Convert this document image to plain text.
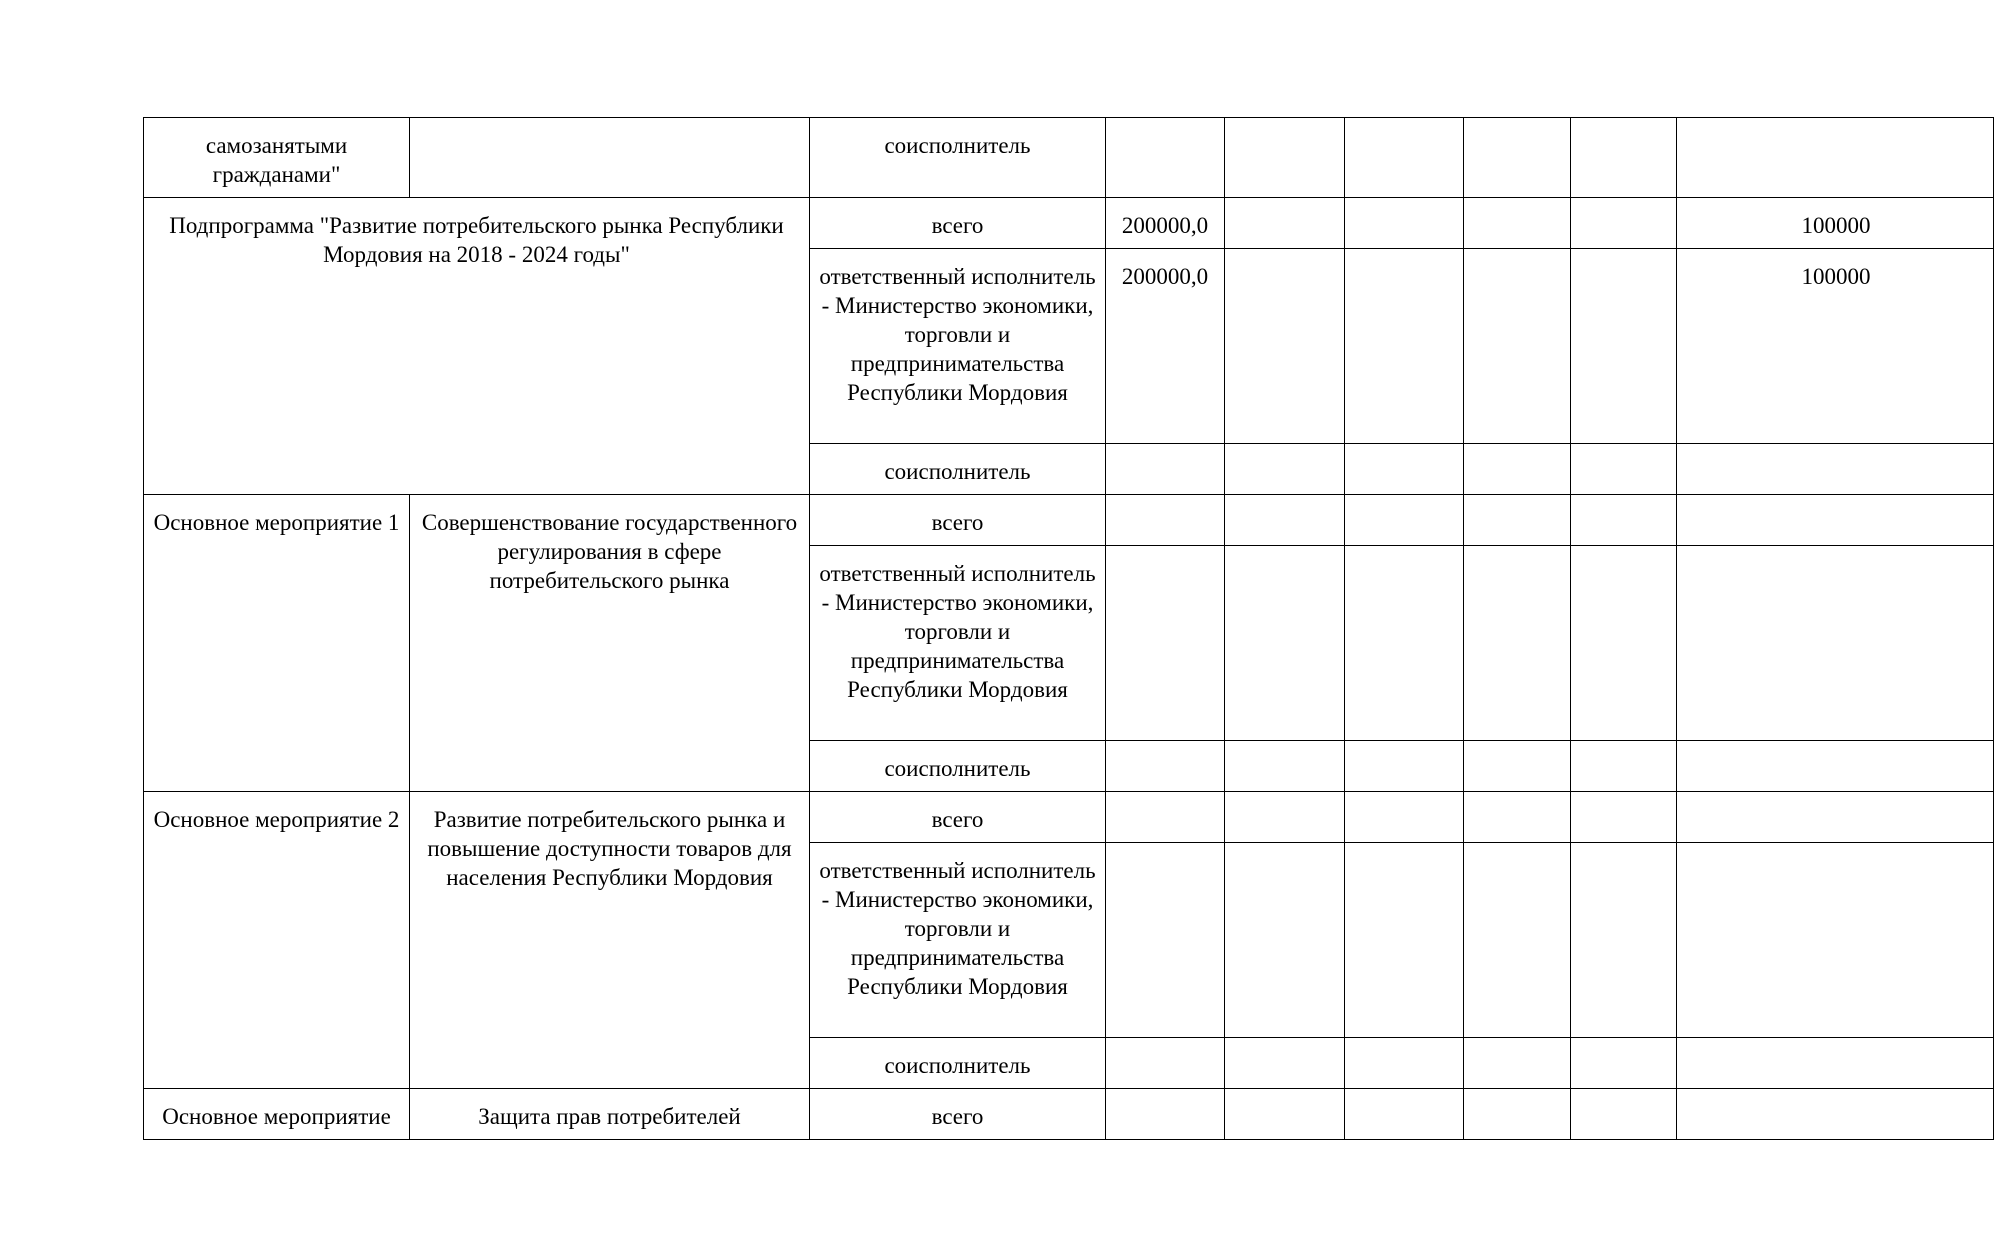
самозанятыми гражданами"		соисполнитель						
Подпрограмма "Развитие потребительского рынка Республики Мордовия на 2018 - 2024 годы"		всего	200000,0					100000
		ответственный исполнитель - Министерство экономики, торговли и предпринимательства Республики Мордовия	200000,0					100000
		соисполнитель						
Основное мероприятие 1	Совершенствование государственного регулирования в сфере потребительского рынка	всего						
		ответственный исполнитель - Министерство экономики, торговли и предпринимательства Республики Мордовия						
		соисполнитель						
Основное мероприятие 2	Развитие потребительского рынка и повышение доступности товаров для населения Республики Мордовия	всего						
		ответственный исполнитель - Министерство экономики, торговли и предпринимательства Республики Мордовия						
		соисполнитель						
Основное мероприятие	Защита прав потребителей	всего						
